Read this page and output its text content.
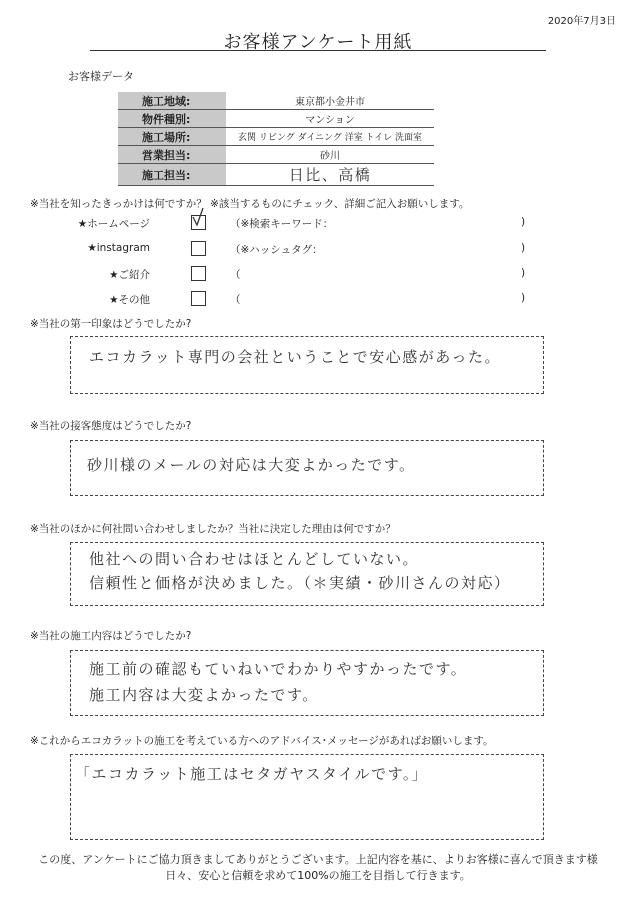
2020年7月3日
お客様アンケート用紙
お客様データ
施工地域:	東京都小金井市
物件種別:	マンション
施工場所:	玄関 リビング ダイニング 洋室 トイレ 洗面室
営業担当:	砂川
施工担当:	日比、高橋
※当社を知ったきっかけは何ですか？ ※該当するものにチェック、詳細ご記入お願いします。
★ホームページ	（※検索キーワード：	)
★instagram	（※ハッシュタグ：	)
★ご紹介	（	)
★その他	（	)
※当社の第一印象はどうでしたか?
エコカラット専門の会社ということで安心感があった。
※当社の接客態度はどうでしたか?
砂川様のメールの対応は大変よかったです。
※当社のほかに何社問い合わせしましたか？当社に決定した理由は何ですか？
他社への問い合わせはほとんどしていない。
信頼性と価格が決めました。（＊実績・砂川さんの対応）
※当社の施工内容はどうでしたか?
施工前の確認もていねいでわかりやすかったです。
施工内容は大変よかったです。
※これからエコカラットの施工を考えている方へのアドバイス･メッセージがあればお願いします。
「エコカラット施工はセタガヤスタイルです。」
この度、アンケートにご協力頂きましてありがとうございます。上記内容を基に、よりお客様に喜んで頂きます様
日々、安心と信頼を求めて100%の施工を目指して行きます。
